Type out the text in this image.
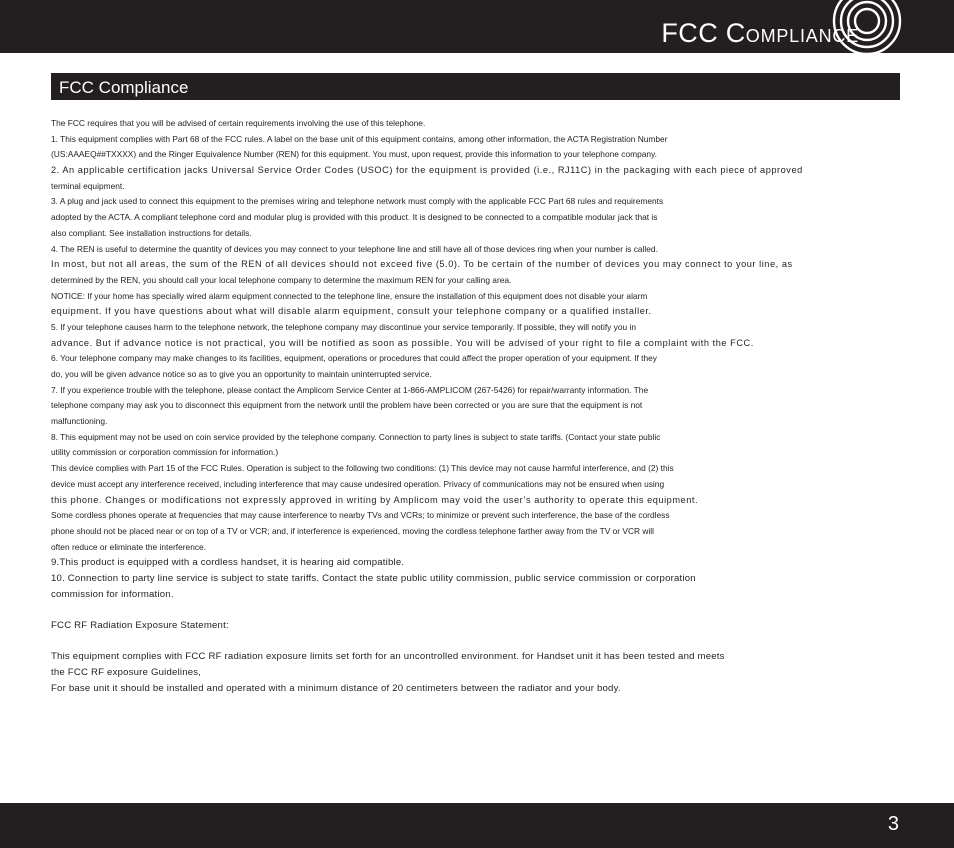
FCC COMPLIANCE
FCC Compliance
The FCC requires that you will be advised of certain requirements involving the use of this telephone.
1. This equipment complies with Part 68 of the FCC rules. A label on the base unit of this equipment contains, among other information, the ACTA Registration Number
(US:AAAEQ##TXXXX) and the Ringer Equivalence Number (REN) for this equipment. You must, upon request, provide this information to your telephone company.
2. An applicable certification jacks Universal Service Order Codes (USOC) for the equipment is provided (i.e., RJ11C) in the packaging with each piece of approved
terminal equipment.
3. A plug and jack used to connect this equipment to the premises wiring and telephone network must comply with the applicable FCC Part 68 rules and requirements
adopted by the ACTA. A compliant telephone cord and modular plug is provided with this product. It is designed to be connected to a compatible modular jack that is
also compliant. See installation instructions for details.
4. The REN is useful to determine the quantity of devices you may connect to your telephone line and still have all of those devices ring when your number is called.
In most, but not all areas, the sum of the REN of all devices should not exceed five (5.0). To be certain of the number of devices you may connect to your line, as
determined by the REN, you should call your local telephone company to determine the maximum REN for your calling area.
NOTICE: If your home has specially wired alarm equipment connected to the telephone line, ensure the installation of this equipment does not disable your alarm
equipment. If you have questions about what will disable alarm equipment, consult your telephone company or a qualified installer.
5. If your telephone causes harm to the telephone network, the telephone company may discontinue your service temporarily. If possible, they will notify you in
advance. But if advance notice is not practical, you will be notified as soon as possible. You will be advised of your right to file a complaint with the FCC.
6. Your telephone company may make changes to its facilities, equipment, operations or procedures that could affect the proper operation of your equipment. If they
do, you will be given advance notice so as to give you an opportunity to maintain uninterrupted service.
7. If you experience trouble with the telephone, please contact the Amplicom Service Center at 1-866-AMPLICOM (267-5426) for repair/warranty information. The
telephone company may ask you to disconnect this equipment from the network until the problem have been corrected or you are sure that the equipment is not
malfunctioning.
8. This equipment may not be used on coin service provided by the telephone company. Connection to party lines is subject to state tariffs. (Contact your state public
utility commission or corporation commission for information.)
This device complies with Part 15 of the FCC Rules. Operation is subject to the following two conditions: (1) This device may not cause harmful interference, and (2) this
device must accept any interference received, including interference that may cause undesired operation. Privacy of communications may not be ensured when using
this phone. Changes or modifications not expressly approved in writing by Amplicom may void the user’s authority to operate this equipment.
Some cordless phones operate at frequencies that may cause interference to nearby TVs and VCRs; to minimize or prevent such interference, the base of the cordless
phone should not be placed near or on top of a TV or VCR; and, if interference is experienced, moving the cordless telephone farther away from the TV or VCR will
often reduce or eliminate the interference.
9.This product is equipped with a cordless handset, it is hearing aid compatible.
10. Connection to party line service is subject to state tariffs. Contact the state public utility commission, public service commission or corporation
commission for information.
FCC RF Radiation Exposure Statement:
This equipment complies with FCC RF radiation exposure limits set forth for an uncontrolled environment. for Handset unit it has been tested and meets
the FCC RF exposure Guidelines,
For base unit it should be installed and operated with a minimum distance of 20 centimeters between the radiator and your body.
3
